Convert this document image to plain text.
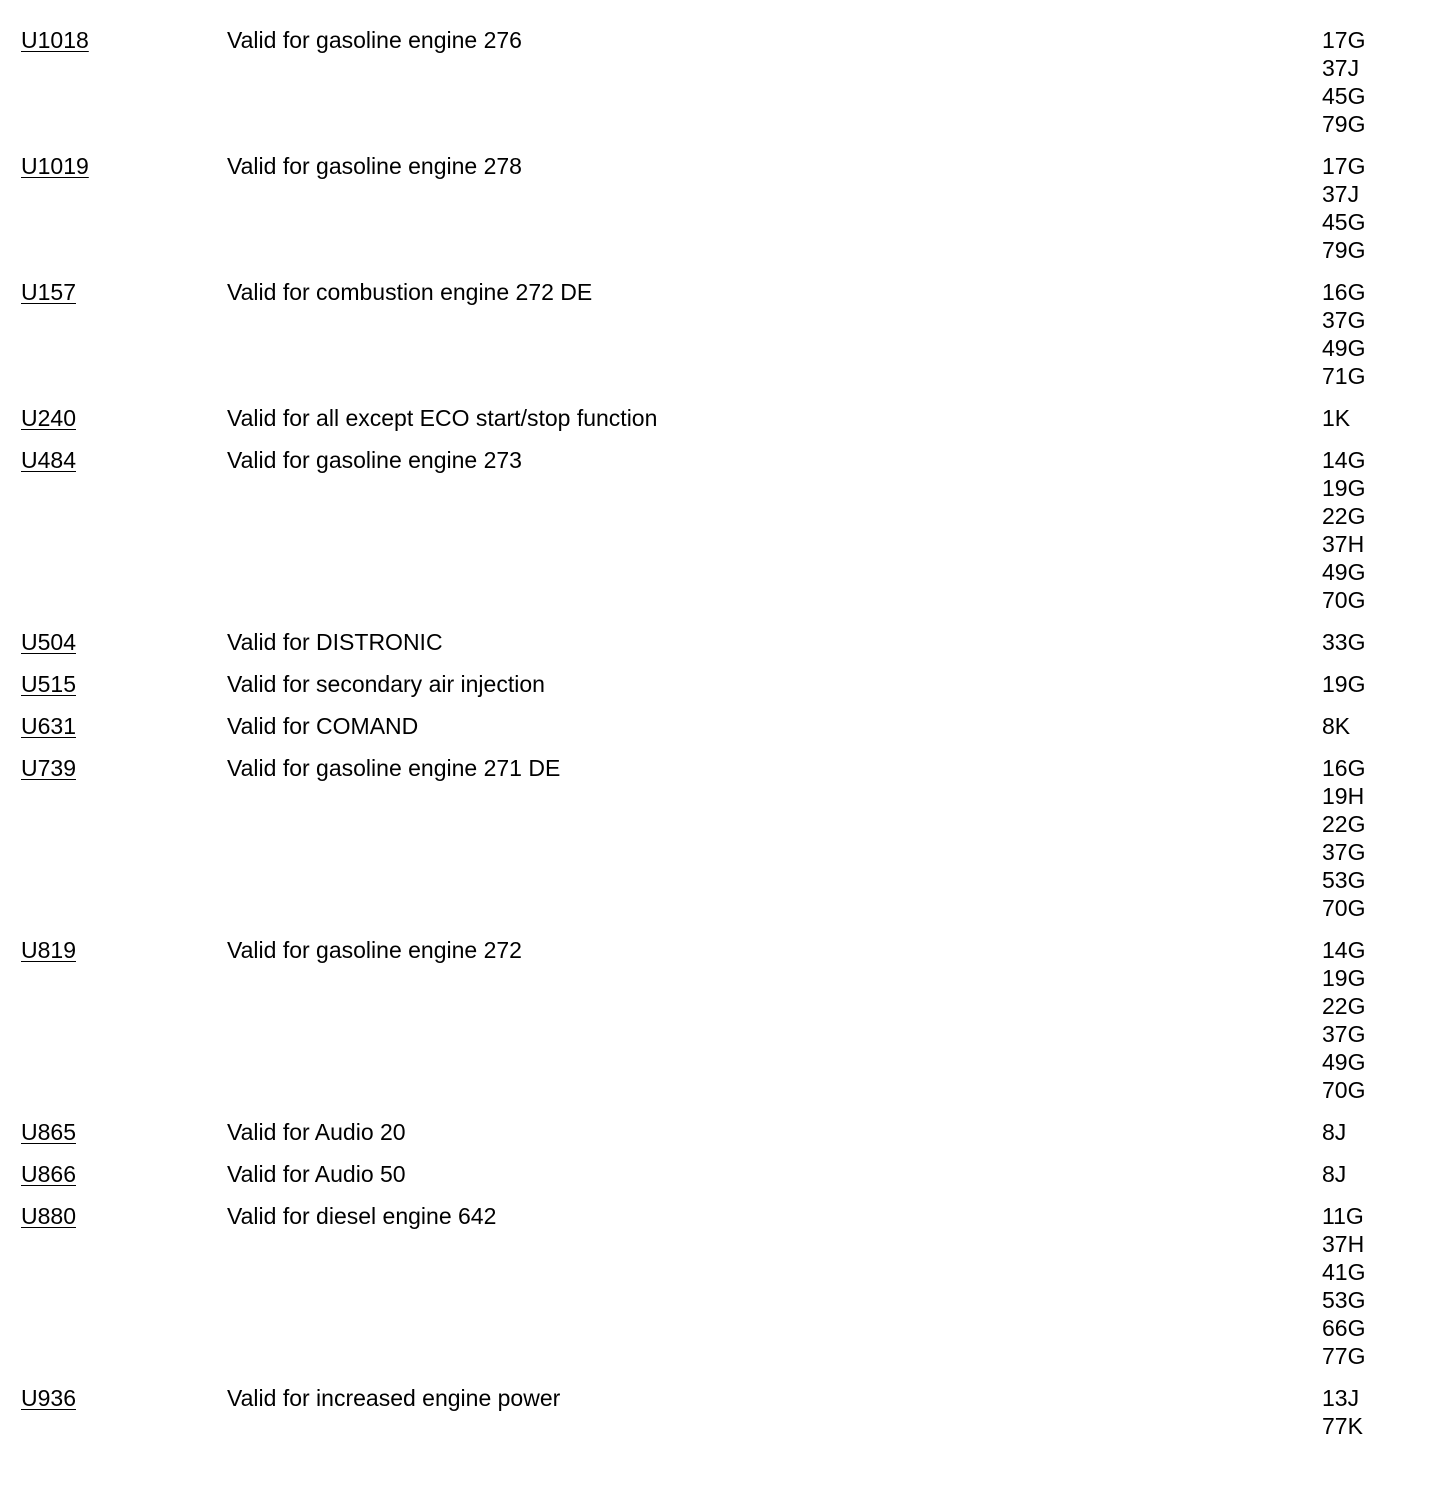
U1018	Valid for gasoline engine 276	17G
37J
45G
79G
U1019	Valid for gasoline engine 278	17G
37J
45G
79G
U157	Valid for combustion engine 272 DE	16G
37G
49G
71G
U240	Valid for all except ECO start/stop function	1K
U484	Valid for gasoline engine 273	14G
19G
22G
37H
49G
70G
U504	Valid for DISTRONIC	33G
U515	Valid for secondary air injection	19G
U631	Valid for COMAND	8K
U739	Valid for gasoline engine 271 DE	16G
19H
22G
37G
53G
70G
U819	Valid for gasoline engine 272	14G
19G
22G
37G
49G
70G
U865	Valid for Audio 20	8J
U866	Valid for Audio 50	8J
U880	Valid for diesel engine 642	11G
37H
41G
53G
66G
77G
U936	Valid for increased engine power	13J
77K
